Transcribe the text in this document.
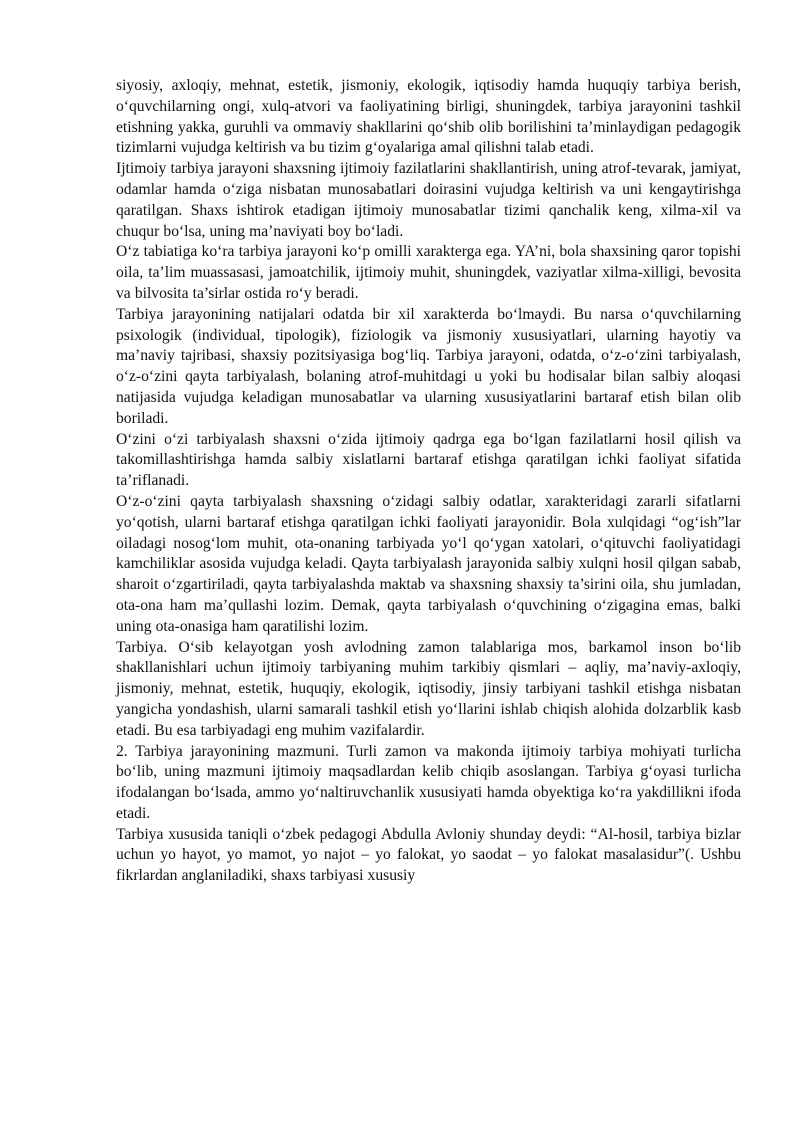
siyosiy, axloqiy, mehnat, estetik, jismoniy, ekologik, iqtisodiy hamda huquqiy tarbiya berish, o‘quvchilarning ongi, xulq-atvori va faoliyatining birligi, shuningdek, tarbiya jarayonini tashkil etishning yakka, guruhli va ommaviy shakllarini qo‘shib olib borilishini ta’minlaydigan pedagogik tizimlarni vujudga keltirish va bu tizim g‘oyalariga amal qilishni talab etadi.

Ijtimoiy tarbiya jarayoni shaxsning ijtimoiy fazilatlarini shakllantirish, uning atrof-tevarak, jamiyat, odamlar hamda o‘ziga nisbatan munosabatlari doirasini vujudga keltirish va uni kengaytirishga qaratilgan. Shaxs ishtirok etadigan ijtimoiy munosabatlar tizimi qanchalik keng, xilma-xil va chuqur bo‘lsa, uning ma’naviyati boy bo‘ladi.

O‘z tabiatiga ko‘ra tarbiya jarayoni ko‘p omilli xarakterga ega. YA’ni, bola shaxsining qaror topishi oila, ta’lim muassasasi, jamoatchilik, ijtimoiy muhit, shuningdek, vaziyatlar xilma-xilligi, bevosita va bilvosita ta’sirlar ostida ro‘y beradi.

Tarbiya jarayonining natijalari odatda bir xil xarakterda bo‘lmaydi. Bu narsa o‘quvchilarning psixologik (individual, tipologik), fiziologik va jismoniy xususiyatlari, ularning hayotiy va ma’naviy tajribasi, shaxsiy pozitsiyasiga bog‘liq. Tarbiya jarayoni, odatda, o‘z-o‘zini tarbiyalash, o‘z-o‘zini qayta tarbiyalash, bolaning atrof-muhitdagi u yoki bu hodisalar bilan salbiy aloqasi natijasida vujudga keladigan munosabatlar va ularning xususiyatlarini bartaraf etish bilan olib boriladi.

O‘zini o‘zi tarbiyalash shaxsni o‘zida ijtimoiy qadrga ega bo‘lgan fazilatlarni hosil qilish va takomillashtirishga hamda salbiy xislatlarni bartaraf etishga qaratilgan ichki faoliyat sifatida ta’riflanadi.

O‘z-o‘zini qayta tarbiyalash shaxsning o‘zidagi salbiy odatlar, xarakteridagi zararli sifatlarni yo‘qotish, ularni bartaraf etishga qaratilgan ichki faoliyati jarayonidir. Bola xulqidagi “og‘ish”lar oiladagi nosog‘lom muhit, ota-onaning tarbiyada yo‘l qo‘ygan xatolari, o‘qituvchi faoliyatidagi kamchiliklar asosida vujudga keladi. Qayta tarbiyalash jarayonida salbiy xulqni hosil qilgan sabab, sharoit o‘zgartiriladi, qayta tarbiyalashda maktab va shaxsning shaxsiy ta’sirini oila, shu jumladan, ota-ona ham ma’qullashi lozim. Demak, qayta tarbiyalash o‘quvchining o‘zigagina emas, balki uning ota-onasiga ham qaratilishi lozim.

Tarbiya. O‘sib kelayotgan yosh avlodning zamon talablariga mos, barkamol inson bo‘lib shakllanishlari uchun ijtimoiy tarbiyaning muhim tarkibiy qismlari – aqliy, ma’naviy-axloqiy, jismoniy, mehnat, estetik, huquqiy, ekologik, iqtisodiy, jinsiy tarbiyani tashkil etishga nisbatan yangicha yondashish, ularni samarali tashkil etish yo‘llarini ishlab chiqish alohida dolzarblik kasb etadi. Bu esa tarbiyadagi eng muhim vazifalardir.

2. Tarbiya jarayonining mazmuni. Turli zamon va makonda ijtimoiy tarbiya mohiyati turlicha bo‘lib, uning mazmuni ijtimoiy maqsadlardan kelib chiqib asoslangan. Tarbiya g‘oyasi turlicha ifodalangan bo‘lsada, ammo yo‘naltiruvchanlik xususiyati hamda obyektiga ko‘ra yakdillikni ifoda etadi.

Tarbiya xususida taniqli o‘zbek pedagogi Abdulla Avloniy shunday deydi: “Al-hosil, tarbiya bizlar uchun yo hayot, yo mamot, yo najot – yo falokat, yo saodat – yo falokat masalasidur”(. Ushbu fikrlardan anglaniladiki, shaxs tarbiyasi xususiy
